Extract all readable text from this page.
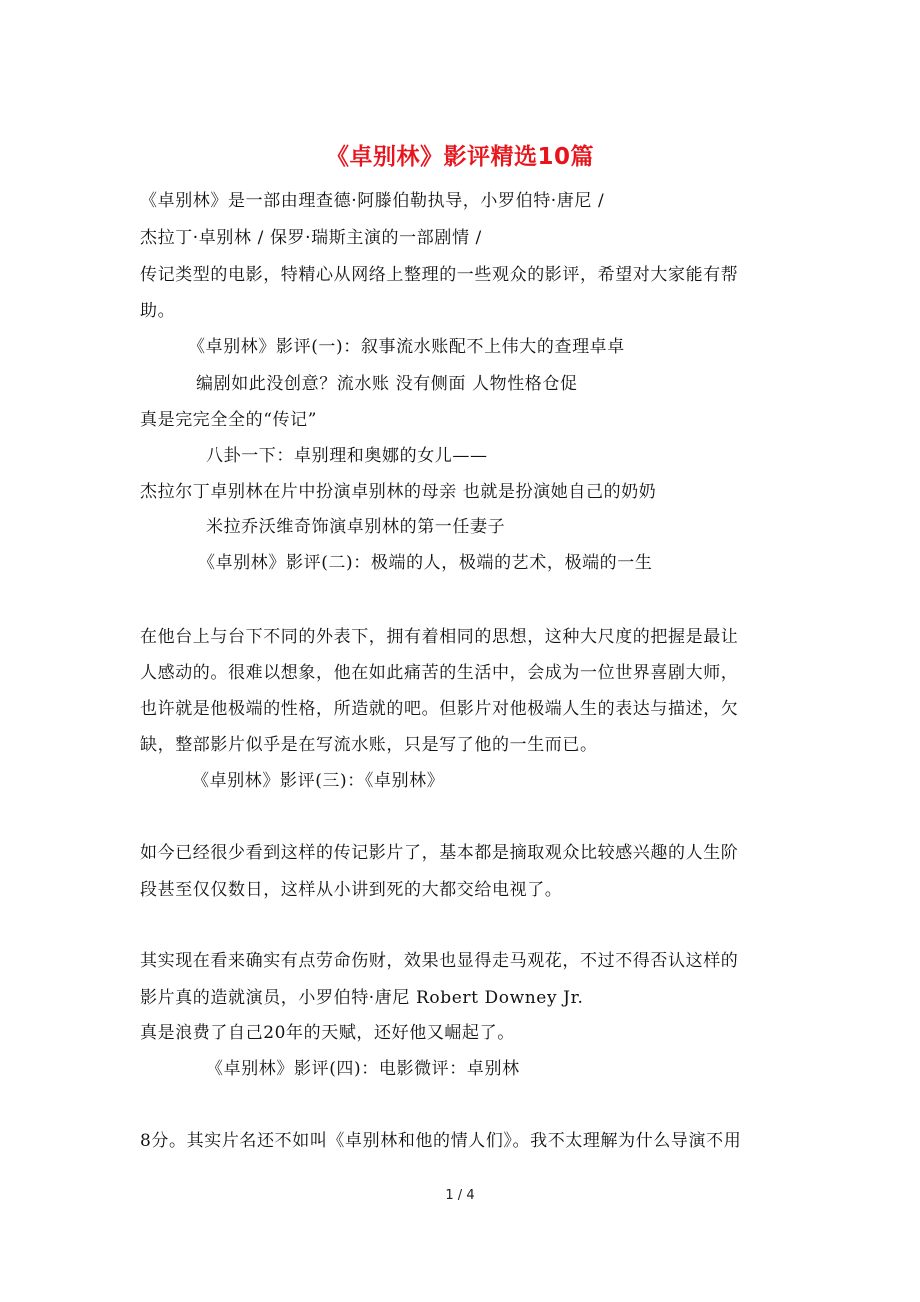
《卓别林》影评精选10篇
《卓别林》是一部由理查德·阿滕伯勒执导，小罗伯特·唐尼 /
杰拉丁·卓别林 / 保罗·瑞斯主演的一部剧情 /
传记类型的电影，特精心从网络上整理的一些观众的影评，希望对大家能有帮
助。
《卓别林》影评(一)：叙事流水账配不上伟大的查理卓卓
编剧如此没创意？流水账 没有侧面 人物性格仓促
真是完完全全的“传记”
八卦一下：卓别理和奥娜的女儿——
杰拉尔丁卓别林在片中扮演卓别林的母亲 也就是扮演她自己的奶奶
米拉乔沃维奇饰演卓别林的第一任妻子
《卓别林》影评(二)：极端的人，极端的艺术，极端的一生
在他台上与台下不同的外表下，拥有着相同的思想，这种大尺度的把握是最让
人感动的。很难以想象，他在如此痛苦的生活中，会成为一位世界喜剧大师，
也许就是他极端的性格，所造就的吧。但影片对他极端人生的表达与描述，欠
缺，整部影片似乎是在写流水账，只是写了他的一生而已。
《卓别林》影评(三)：《卓别林》
如今已经很少看到这样的传记影片了，基本都是摘取观众比较感兴趣的人生阶
段甚至仅仅数日，这样从小讲到死的大都交给电视了。
其实现在看来确实有点劳命伤财，效果也显得走马观花，不过不得否认这样的
影片真的造就演员，小罗伯特·唐尼 Robert Downey Jr.
真是浪费了自己20年的天赋，还好他又崛起了。
《卓别林》影评(四)：电影微评：卓别林
8分。其实片名还不如叫《卓别林和他的情人们》。我不太理解为什么导演不用
1 / 4
